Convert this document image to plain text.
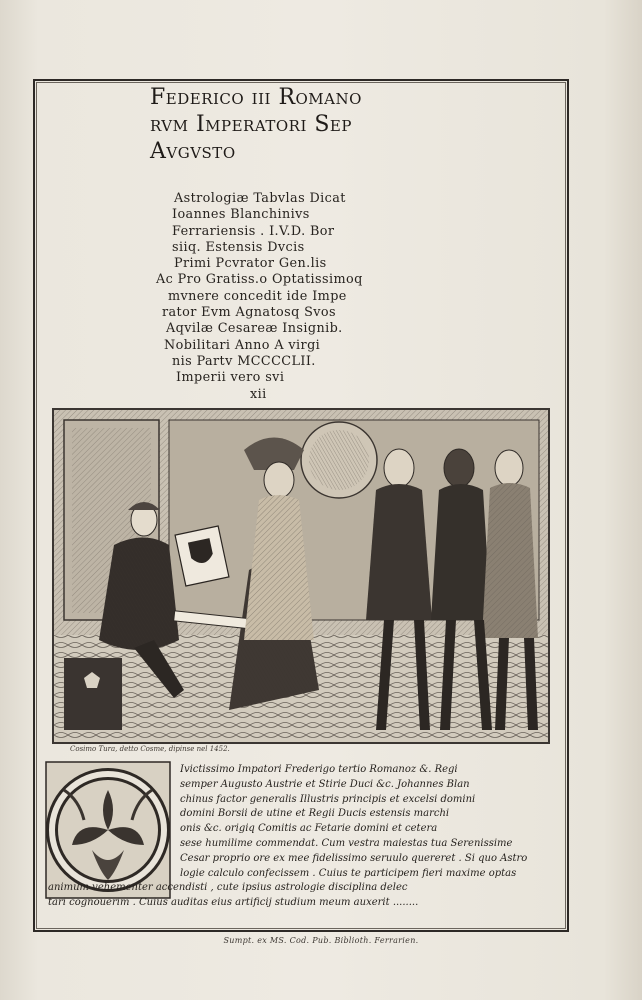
Federico iii Romano
rvm Imperatori Sep
Avgvsto
Astrologiæ Tabvlas Dicat
Ioannes Blanchinivs
Ferrariensis . I.V.D. Bor
siiq. Estensis Dvcis
Primi Pcvrator Gen.lis
Ac Pro Gratiss.o Optatissimoq
mvnere concedit ide Impe
rator Evm Agnatosq Svos
Aqvilæ Cesareæ Insignib.
Nobilitari Anno A virgi
nis Partv MCCCCLII.
Imperii vero svi
xii
Cosimo Tura, detto Cosme, dipinse nel 1452.
Ivictissimo Impatori Frederigo tertio Romanoz &. Regi
semper Augusto Austrie et Stirie Duci &c. Johannes Blan
chinus factor generalis Illustris principis et excelsi domini
domini Borsii de utine et Regii Ducis estensis marchi
onis &c. origiq Comitis ac Fetarie domini et cetera
sese humilime commendat. Cum vestra maiestas tua Serenissime
Cesar proprio ore ex mee fidelissimo seruulo quereret . Si quo Astro
logie calculo confecissem . Cuius te participem fieri maxime optas
animum vehementer accendisti , cute ipsius astrologie disciplina delec
tari cognouerim . Cuius auditas eius artificij studium meum auxerit ........
Sumpt. ex MS. Cod. Pub. Biblioth. Ferrarien.
